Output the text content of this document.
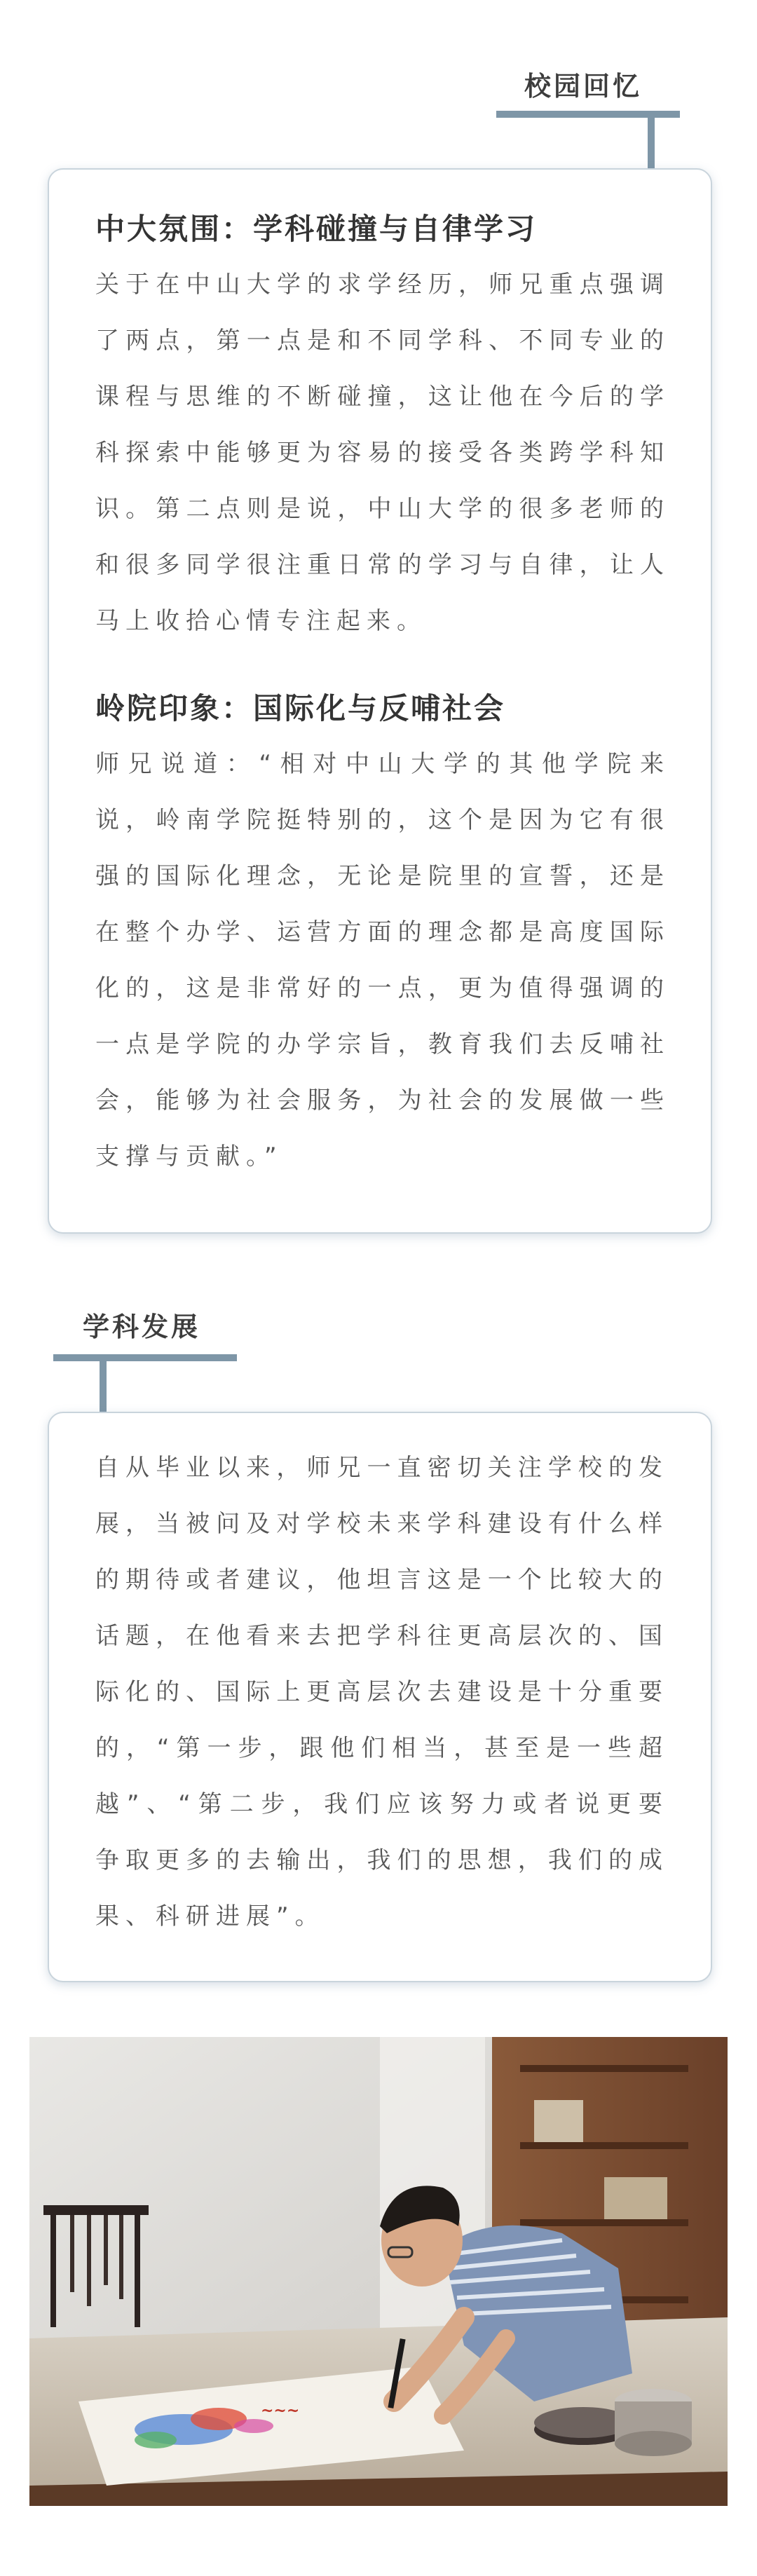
校园回忆
中大氛围：学科碰撞与自律学习

关于在中山大学的求学经历，师兄重点强调了两点，第一点是和不同学科、不同专业的课程与思维的不断碰撞，这让他在今后的学科探索中能够更为容易的接受各类跨学科知识。第二点则是说，中山大学的很多老师的和很多同学很注重日常的学习与自律，让人马上收拾心情专注起来。

岭院印象：国际化与反哺社会

师兄说道：“相对中山大学的其他学院来说，岭南学院挺特别的，这个是因为它有很强的国际化理念，无论是院里的宣誓，还是在整个办学、运营方面的理念都是高度国际化的，这是非常好的一点，更为值得强调的一点是学院的办学宗旨，教育我们去反哺社会，能够为社会服务，为社会的发展做一些支撑与贡献。”

学科发展

自从毕业以来，师兄一直密切关注学校的发展，当被问及对学校未来学科建设有什么样的期待或者建议，他坦言这是一个比较大的话题，在他看来去把学科往更高层次的、国际化的、国际上更高层次去建设是十分重要的，“第一步，跟他们相当，甚至是一些超越”、“第二步，我们应该努力或者说更要争取更多的去输出，我们的思想，我们的成果、科研进展”。

~~~
